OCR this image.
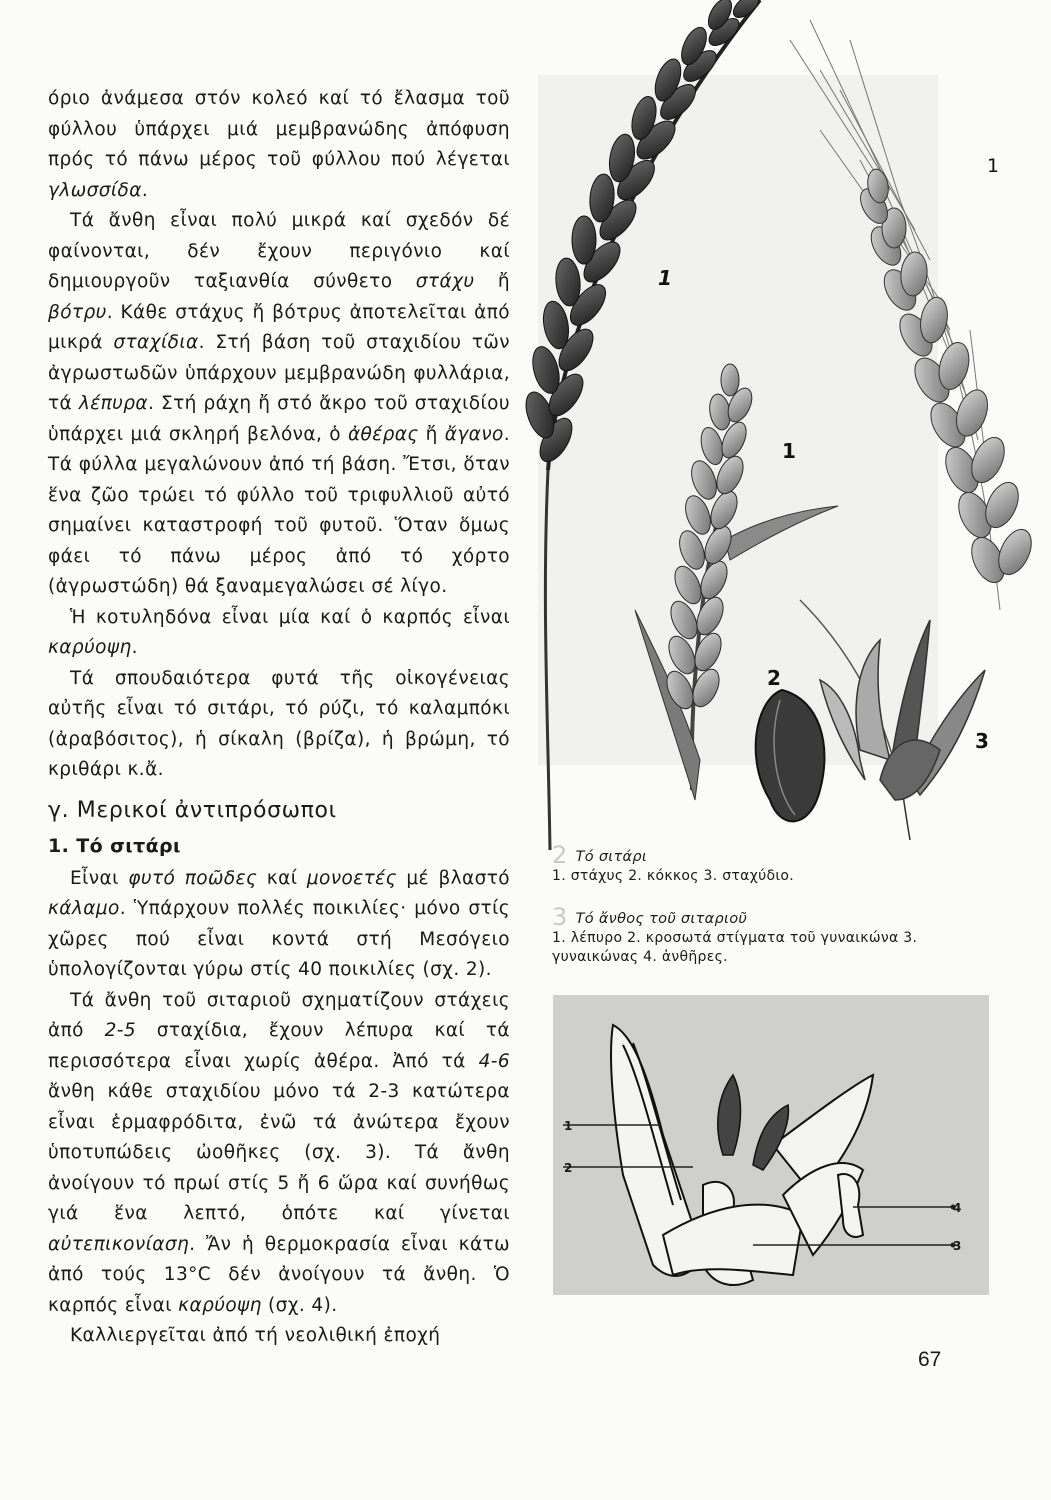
όριο ἀνάμεσα στόν κολεό καί τό ἔλασμα τοῦ φύλλου ὑπάρχει μιά μεμβρανώδης ἀπόφυση πρός τό πάνω μέρος τοῦ φύλλου πού λέγεται γλωσσίδα.

Τά ἄνθη εἶναι πολύ μικρά καί σχεδόν δέ φαίνονται, δέν ἔχουν περιγόνιο καί δημιουργοῦν ταξιανθία σύνθετο στάχυ ἤ βότρυ. Κάθε στάχυς ἤ βότρυς ἀποτελεῖται ἀπό μικρά σταχίδια. Στή βάση τοῦ σταχιδίου τῶν ἀγρωστωδῶν ὑπάρχουν μεμβρανώδη φυλλάρια, τά λέπυρα. Στή ράχη ἤ στό ἄκρο τοῦ σταχιδίου ὑπάρχει μιά σκληρή βελόνα, ὁ ἀθέρας ἤ ἄγανο. Τά φύλλα μεγαλώνουν ἀπό τή βάση. Ἔτσι, ὅταν ἕνα ζῶο τρώει τό φύλλο τοῦ τριφυλλιοῦ αὐτό σημαίνει καταστροφή τοῦ φυτοῦ. Ὅταν ὅμως φάει τό πάνω μέρος ἀπό τό χόρτο (ἀγρωστώδη) θά ξαναμεγαλώσει σέ λίγο.

Ἡ κοτυληδόνα εἶναι μία καί ὁ καρπός εἶναι καρύοψη.

Τά σπουδαιότερα φυτά τῆς οἰκογένειας αὐτῆς εἶναι τό σιτάρι, τό ρύζι, τό καλαμπόκι (ἀραβόσιτος), ἡ σίκαλη (βρίζα), ἡ βρώμη, τό κριθάρι κ.ἄ.

γ. Μερικοί ἀντιπρόσωποι
1. Τό σιτάρι

Εἶναι φυτό ποῶδες καί μονοετές μέ βλαστό κάλαμο. Ὑπάρχουν πολλές ποικιλίες· μόνο στίς χῶρες πού εἶναι κοντά στή Μεσόγειο ὑπολογίζονται γύρω στίς 40 ποικιλίες (σχ. 2).

Τά ἄνθη τοῦ σιταριοῦ σχηματίζουν στάχεις ἀπό 2-5 σταχίδια, ἔχουν λέπυρα καί τά περισσότερα εἶναι χωρίς ἀθέρα. Ἀπό τά 4-6 ἄνθη κάθε σταχιδίου μόνο τά 2-3 κατώτερα εἶναι ἑρμαφρόδιτα, ἐνῶ τά ἀνώτερα ἔχουν ὑποτυπώδεις ὠοθῆκες (σχ. 3). Τά ἄνθη ἀνοίγουν τό πρωί στίς 5 ἤ 6 ὥρα καί συνήθως γιά ἕνα λεπτό, ὁπότε καί γίνεται αὐτεπικονίαση. Ἄν ἡ θερμοκρασία εἶναι κάτω ἀπό τούς 13°C δέν ἀνοίγουν τά ἄνθη. Ὁ καρπός εἶναι καρύοψη (σχ. 4).

Καλλιεργεῖται ἀπό τή νεολιθική ἐποχή

1
1
1
2
3
2 Τό σιτάρι
1. στάχυς 2. κόκκος 3. σταχύδιο.
3 Τό ἄνθος τοῦ σιταριοῦ
1. λέπυρο 2. κροσωτά στίγματα τοῦ γυναικώνα 3. γυναικώνας 4. ἀνθῆρες.
1
2
3
4
67
